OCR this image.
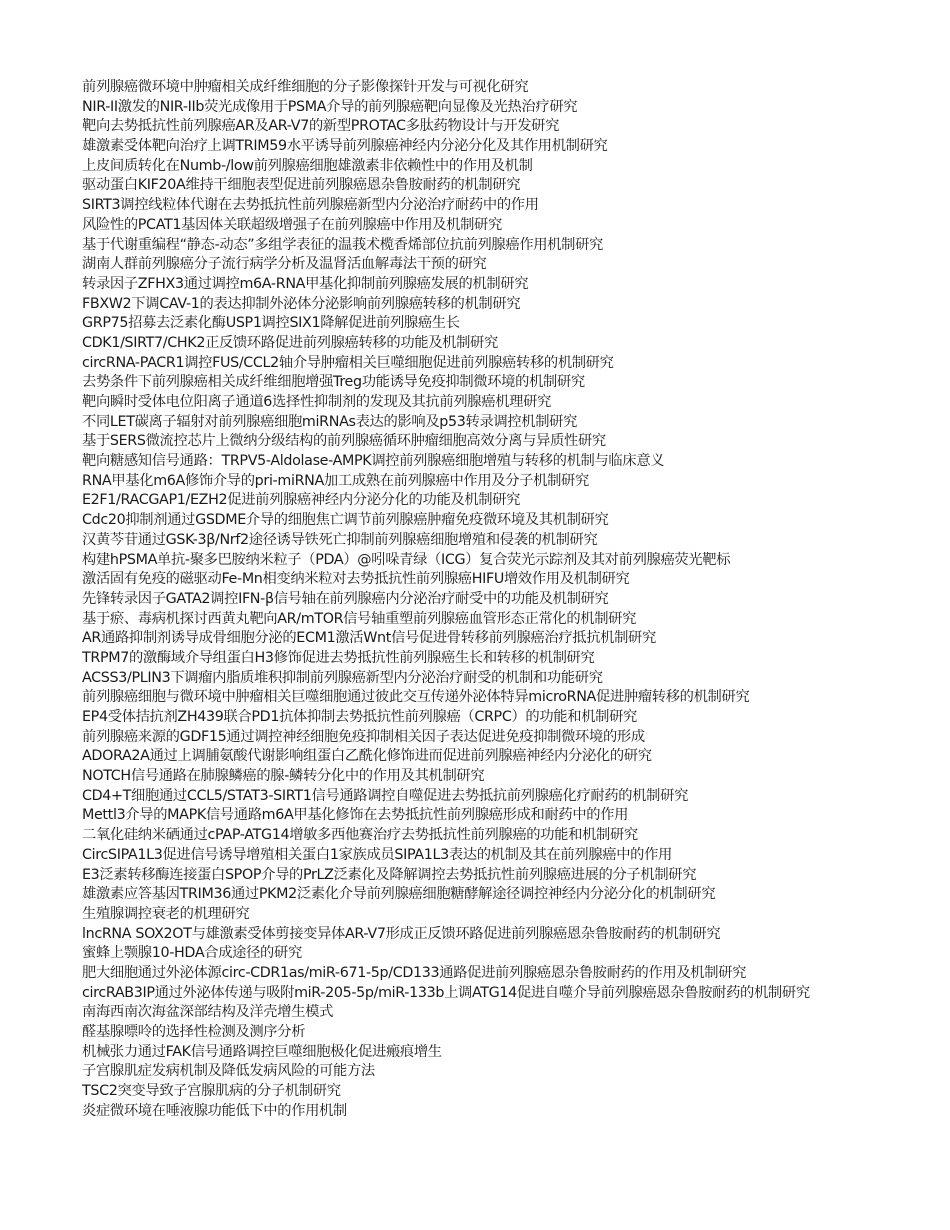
前列腺癌微环境中肿瘤相关成纤维细胞的分子影像探针开发与可视化研究
NIR-II激发的NIR-IIb荧光成像用于PSMA介导的前列腺癌靶向显像及光热治疗研究
靶向去势抵抗性前列腺癌AR及AR-V7的新型PROTAC多肽药物设计与开发研究
雄激素受体靶向治疗上调TRIM59水平诱导前列腺癌神经内分泌分化及其作用机制研究
上皮间质转化在Numb-/low前列腺癌细胞雄激素非依赖性中的作用及机制
驱动蛋白KIF20A维持干细胞表型促进前列腺癌恩杂鲁胺耐药的机制研究
SIRT3调控线粒体代谢在去势抵抗性前列腺癌新型内分泌治疗耐药中的作用
风险性的PCAT1基因体关联超级增强子在前列腺癌中作用及机制研究
基于代谢重编程“静态-动态”多组学表征的温莪术榄香烯部位抗前列腺癌作用机制研究
湖南人群前列腺癌分子流行病学分析及温肾活血解毒法干预的研究
转录因子ZFHX3通过调控m6A-RNA甲基化抑制前列腺癌发展的机制研究
FBXW2下调CAV-1的表达抑制外泌体分泌影响前列腺癌转移的机制研究
GRP75招募去泛素化酶USP1调控SIX1降解促进前列腺癌生长
CDK1/SIRT7/CHK2正反馈环路促进前列腺癌转移的功能及机制研究
circRNA-PACR1调控FUS/CCL2轴介导肿瘤相关巨噬细胞促进前列腺癌转移的机制研究
去势条件下前列腺癌相关成纤维细胞增强Treg功能诱导免疫抑制微环境的机制研究
靶向瞬时受体电位阳离子通道6选择性抑制剂的发现及其抗前列腺癌机理研究
不同LET碳离子辐射对前列腺癌细胞miRNAs表达的影响及p53转录调控机制研究
基于SERS微流控芯片上微纳分级结构的前列腺癌循环肿瘤细胞高效分离与异质性研究
靶向糖感知信号通路：TRPV5-Aldolase-AMPK调控前列腺癌细胞增殖与转移的机制与临床意义
RNA甲基化m6A修饰介导的pri-miRNA加工成熟在前列腺癌中作用及分子机制研究
E2F1/RACGAP1/EZH2促进前列腺癌神经内分泌分化的功能及机制研究
Cdc20抑制剂通过GSDME介导的细胞焦亡调节前列腺癌肿瘤免疫微环境及其机制研究
汉黄芩苷通过GSK-3β/Nrf2途径诱导铁死亡抑制前列腺癌细胞增殖和侵袭的机制研究
构建hPSMA单抗-聚多巴胺纳米粒子（PDA）@吲哚青绿（ICG）复合荧光示踪剂及其对前列腺癌荧光靶标
激活固有免疫的磁驱动Fe-Mn相变纳米粒对去势抵抗性前列腺癌HIFU增效作用及机制研究
先锋转录因子GATA2调控IFN-β信号轴在前列腺癌内分泌治疗耐受中的功能及机制研究
基于瘀、毒病机探讨西黄丸靶向AR/mTOR信号轴重塑前列腺癌血管形态正常化的机制研究
AR通路抑制剂诱导成骨细胞分泌的ECM1激活Wnt信号促进骨转移前列腺癌治疗抵抗机制研究
TRPM7的激酶域介导组蛋白H3修饰促进去势抵抗性前列腺癌生长和转移的机制研究
ACSS3/PLIN3下调瘤内脂质堆积抑制前列腺癌新型内分泌治疗耐受的机制和功能研究
前列腺癌细胞与微环境中肿瘤相关巨噬细胞通过彼此交互传递外泌体特异microRNA促进肿瘤转移的机制研究
EP4受体拮抗剂ZH439联合PD1抗体抑制去势抵抗性前列腺癌（CRPC）的功能和机制研究
前列腺癌来源的GDF15通过调控神经细胞免疫抑制相关因子表达促进免疫抑制微环境的形成
ADORA2A通过上调脯氨酸代谢影响组蛋白乙酰化修饰进而促进前列腺癌神经内分泌化的研究
NOTCH信号通路在肺腺鳞癌的腺-鳞转分化中的作用及其机制研究
CD4+T细胞通过CCL5/STAT3-SIRT1信号通路调控自噬促进去势抵抗前列腺癌化疗耐药的机制研究
Mettl3介导的MAPK信号通路m6A甲基化修饰在去势抵抗性前列腺癌形成和耐药中的作用
二氧化硅纳米硒通过cPAP-ATG14增敏多西他赛治疗去势抵抗性前列腺癌的功能和机制研究
CircSIPA1L3促进信号诱导增殖相关蛋白1家族成员SIPA1L3表达的机制及其在前列腺癌中的作用
E3泛素转移酶连接蛋白SPOP介导的PrLZ泛素化及降解调控去势抵抗性前列腺癌进展的分子机制研究
雄激素应答基因TRIM36通过PKM2泛素化介导前列腺癌细胞糖酵解途径调控神经内分泌分化的机制研究
生殖腺调控衰老的机理研究
lncRNA SOX2OT与雄激素受体剪接变异体AR-V7形成正反馈环路促进前列腺癌恩杂鲁胺耐药的机制研究
蜜蜂上颚腺10-HDA合成途径的研究
肥大细胞通过外泌体源circ-CDR1as/miR-671-5p/CD133通路促进前列腺癌恩杂鲁胺耐药的作用及机制研究
circRAB3IP通过外泌体传递与吸附miR-205-5p/miR-133b上调ATG14促进自噬介导前列腺癌恩杂鲁胺耐药的机制研究
南海西南次海盆深部结构及洋壳增生模式
醛基腺嘌呤的选择性检测及测序分析
机械张力通过FAK信号通路调控巨噬细胞极化促进瘢痕增生
子宫腺肌症发病机制及降低发病风险的可能方法
TSC2突变导致子宫腺肌病的分子机制研究
炎症微环境在唾液腺功能低下中的作用机制
